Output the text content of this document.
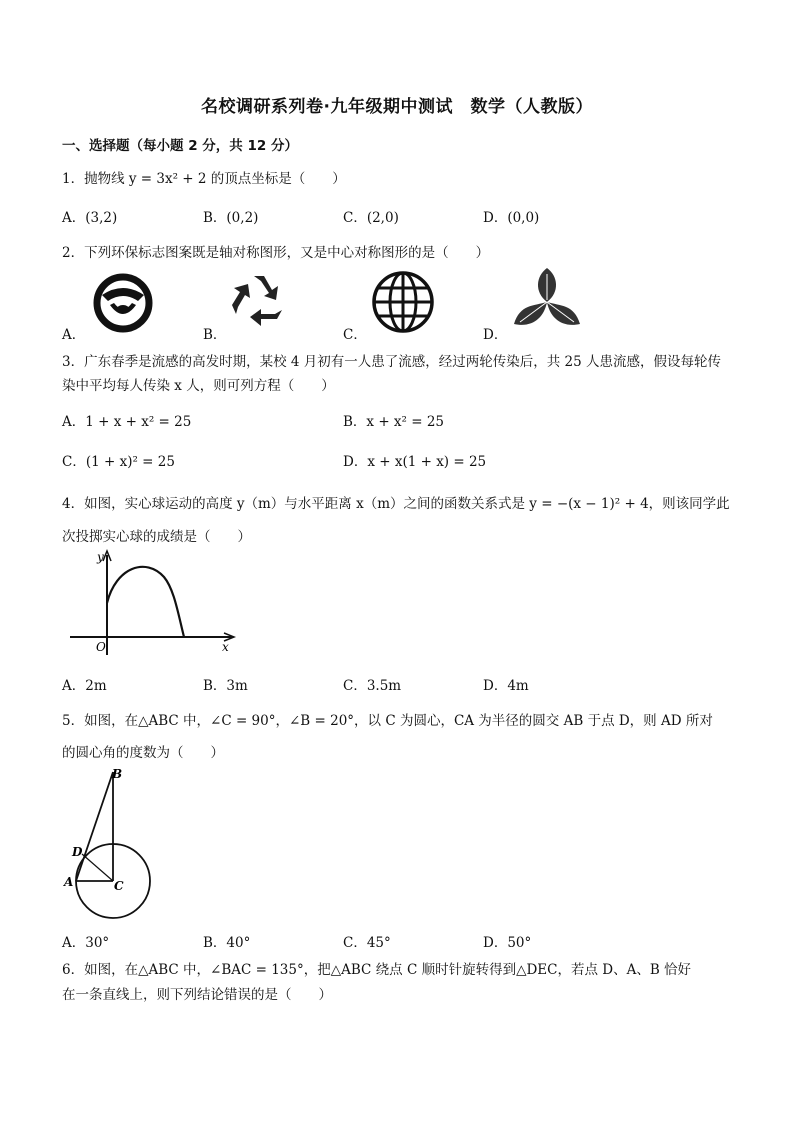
名校调研系列卷·九年级期中测试　数学（人教版）
一、选择题（每小题 2 分，共 12 分）
1．抛物线 y = 3x² + 2 的顶点坐标是（　　）
A．(3,2)	B．(0,2)	C．(2,0)	D．(0,0)
2．下列环保标志图案既是轴对称图形，又是中心对称图形的是（　　）
A．	B．	C．	D．
3．广东春季是流感的高发时期，某校 4 月初有一人患了流感，经过两轮传染后，共 25 人患流感，假设每轮传
染中平均每人传染 x 人，则可列方程（　　）
A．1 + x + x² = 25	B．x + x² = 25
C．(1 + x)² = 25	D．x + x(1 + x) = 25
4．如图，实心球运动的高度 y（m）与水平距离 x（m）之间的函数关系式是 y = −(x − 1)² + 4，则该同学此
次投掷实心球的成绩是（　　）
y
x
O
A．2m	B．3m	C．3.5m	D．4m
5．如图，在△ABC 中，∠C = 90°，∠B = 20°，以 C 为圆心，CA 为半径的圆交 AB 于点 D，则 AD 所对
的圆心角的度数为（　　）
B
D
A	C
A．30°	B．40°	C．45°	D．50°
6．如图，在△ABC 中，∠BAC = 135°，把△ABC 绕点 C 顺时针旋转得到△DEC，若点 D、A、B 恰好
在一条直线上，则下列结论错误的是（　　）
